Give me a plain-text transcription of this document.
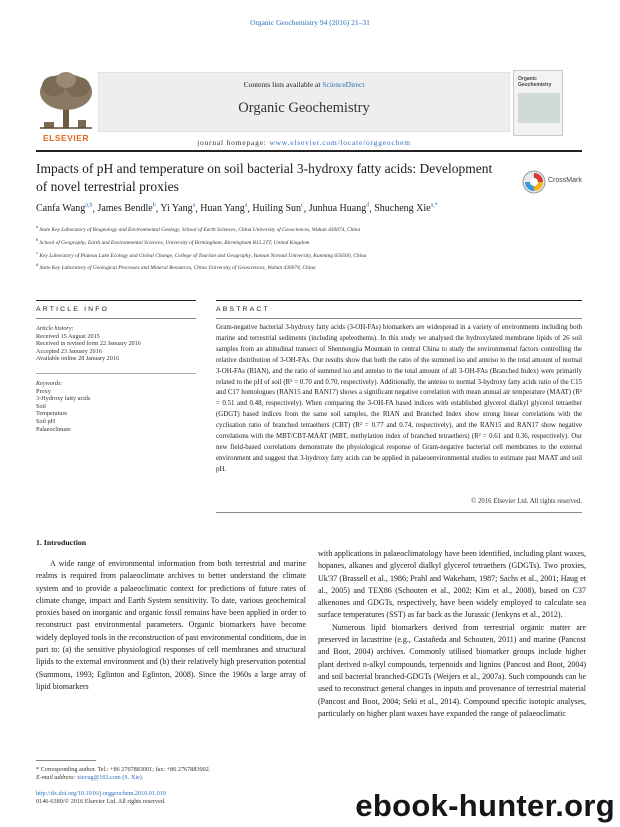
Organic Geochemistry 94 (2016) 21–31
ELSEVIER
Contents lists available at ScienceDirect
Organic Geochemistry
Organic Geochemistry
journal homepage: www.elsevier.com/locate/orggeochem
Impacts of pH and temperature on soil bacterial 3-hydroxy fatty acids: Development of novel terrestrial proxies	CrossMark
Canfa Wang$^{a,b}$, James Bendle$^b$, Yi Yang$^a$, Huan Yang$^a$, Huiling Sun$^c$, Junhua Huang$^d$, Shucheng Xie$^{a,*}$
$^a$ State Key Laboratory of Biogeology and Environmental Geology, School of Earth Sciences, China University of Geosciences, Wuhan 430074, China
$^b$ School of Geography, Earth and Environmental Sciences, University of Birmingham, Birmingham B15 2TT, United Kingdom
$^c$ Key Laboratory of Plateau Lake Ecology and Global Change, College of Tourism and Geography, Yunnan Normal University, Kunming 650500, China
$^d$ State Key Laboratory of Geological Processes and Mineral Resources, China University of Geosciences, Wuhan 430074, China
ARTICLE INFO	ABSTRACT
Article history:
Received 15 August 2015
Received in revised form 22 January 2016
Accepted 23 January 2016
Available online 28 January 2016
Keywords:
Proxy
3-Hydroxy fatty acids
Soil
Temperature
Soil pH
Palaeoclimate
Gram-negative bacterial 3-hydroxy fatty acids (3-OH-FAs) biomarkers are widespread in a variety of environments including both marine and terrestrial sediments (including speleothems). In this study we analysed the hydroxylated membrane lipids of 26 soil samples from an altitudinal transect of Shennongjia Mountain in central China to study the environmental factors controlling the relative distribution of 3-OH-FAs. Our results show that both the ratio of the summed iso and anteiso to the total amount of normal 3-OH-FAs (RIAN), and the ratio of summed iso and anteiso to the total amount of all 3-OH-FAs (Branched Index) were primarily related to the pH of soil (R² = 0.70 and 0.70, respectively). Additionally, the anteiso to normal 3-hydroxy fatty acids ratio of the C15 and C17 homologues (RAN15 and RAN17) shows a significant negative correlation with mean annual air temperature (MAAT) (R² = 0.51 and 0.48, respectively). When comparing the 3-OH-FA based indices with established glycerol dialkyl glycerol tetraether (GDGT) based indices from the same soil samples, the RIAN and Branched Index show strong linear correlations with the cyclisation ratio of branched tetraethers (CBT) (R² = 0.77 and 0.74, respectively), and the RAN15 and RAN17 show negative correlations with the MBT/CBT-MAAT (MBT, methylation index of branched tetraethers) (R² = 0.61 and 0.36, respectively). Our new field-based correlations demonstrate the physiological response of Gram-negative bacterial cell membranes to the external environment and suggest that 3-hydroxy fatty acids can be applied in palaeoenvironmental studies to estimate past MAAT and soil pH.
© 2016 Elsevier Ltd. All rights reserved.
1. Introduction
A wide range of environmental information from both terrestrial and marine realms is required from palaeoclimate archives to better understand the climate system and to provide a palaeoclimatic context for predictions of future rates of climate change, impact and Earth System sensitivity. To date, various geochemical proxies based on inorganic and organic fossil remains have been applied in order to reconstruct past environmental parameters. Organic biomarkers have become widely deployed tools in the reconstruction of past environmental conditions, due in part to: (a) the sensitive physiological responses of cell membranes and structural lipids to the external environment and (b) their relatively high preservation potential (Summons, 1993; Eglinton and Eglinton, 2008). Since the 1960s a large array of lipid biomarkers
with applications in palaeoclimatology have been identified, including plant waxes, hopanes, alkanes and glycerol dialkyl glycerol tetraethers (GDGTs). Two proxies, Uk'37 (Brassell et al., 1986; Prahl and Wakeham, 1987; Sachs et al., 2001; Haug et al., 2005) and TEX86 (Schouten et al., 2002; Kim et al., 2008), based on C37 alkenones and GDGTs, respectively, have been widely employed to calculate sea surface temperatures (SST) as far back as the Jurassic (Jenkyns et al., 2012).
Numerous lipid biomarkers derived from terrestrial organic matter are preserved in lacustrine (e.g., Castañeda and Schouten, 2011) and marine (Pancost and Boot, 2004) archives. Commonly utilised biomarker groups include higher plant derived n-alkyl compounds, terpenoids and lignins (Pancost and Boot, 2004) and soil bacterial branched-GDGTs (Weijers et al., 2007a). Such compounds can be used to reconstruct general changes in inputs and provenance of terrestrial material (Pancost and Boot, 2004; Seki et al., 2014). Compound specific isotopic analyses, particularly on higher plant waxes have expanded the range of palaeoclimatic
* Corresponding author. Tel.: +86 2767883001; fax: +86 2767883002.
E-mail address: xiecug@163.com (S. Xie).
http://dx.doi.org/10.1016/j.orggeochem.2016.01.010
0146-6380/© 2016 Elsevier Ltd. All rights reserved.	ebook-hunter.org
